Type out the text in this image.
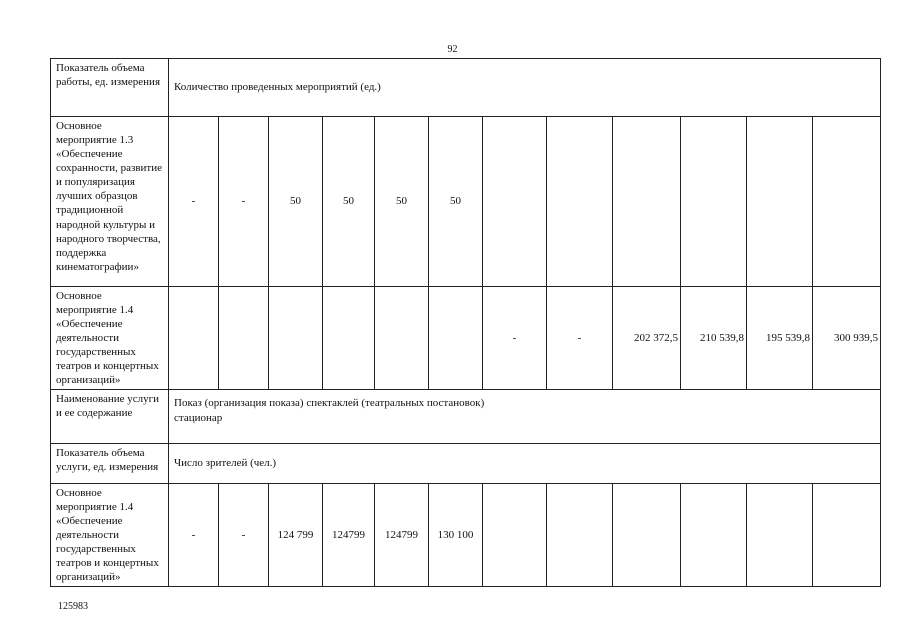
92
Показатель объема работы, ед. измерения	Количество проведенных мероприятий (ед.)											
Основное мероприятие 1.3 «Обеспечение сохранности, развитие и популяризация лучших образцов традиционной народной культуры и народного творчества, поддержка кинематографии»	-	-	50	50	50	50						
Основное мероприятие 1.4 «Обеспечение деятельности государственных театров и концертных организаций»							-	-	202 372,5	210 539,8	195 539,8	300 939,5
Наименование услуги и ее содержание	Показ (организация показа) спектаклей (театральных постановок)
стационар											

Показатель объема услуги, ед. измерения	Число зрителей (чел.)											
Основное мероприятие 1.4 «Обеспечение деятельности государственных театров и концертных организаций»	-	-	124 799	124799	124799	130 100						
125983
